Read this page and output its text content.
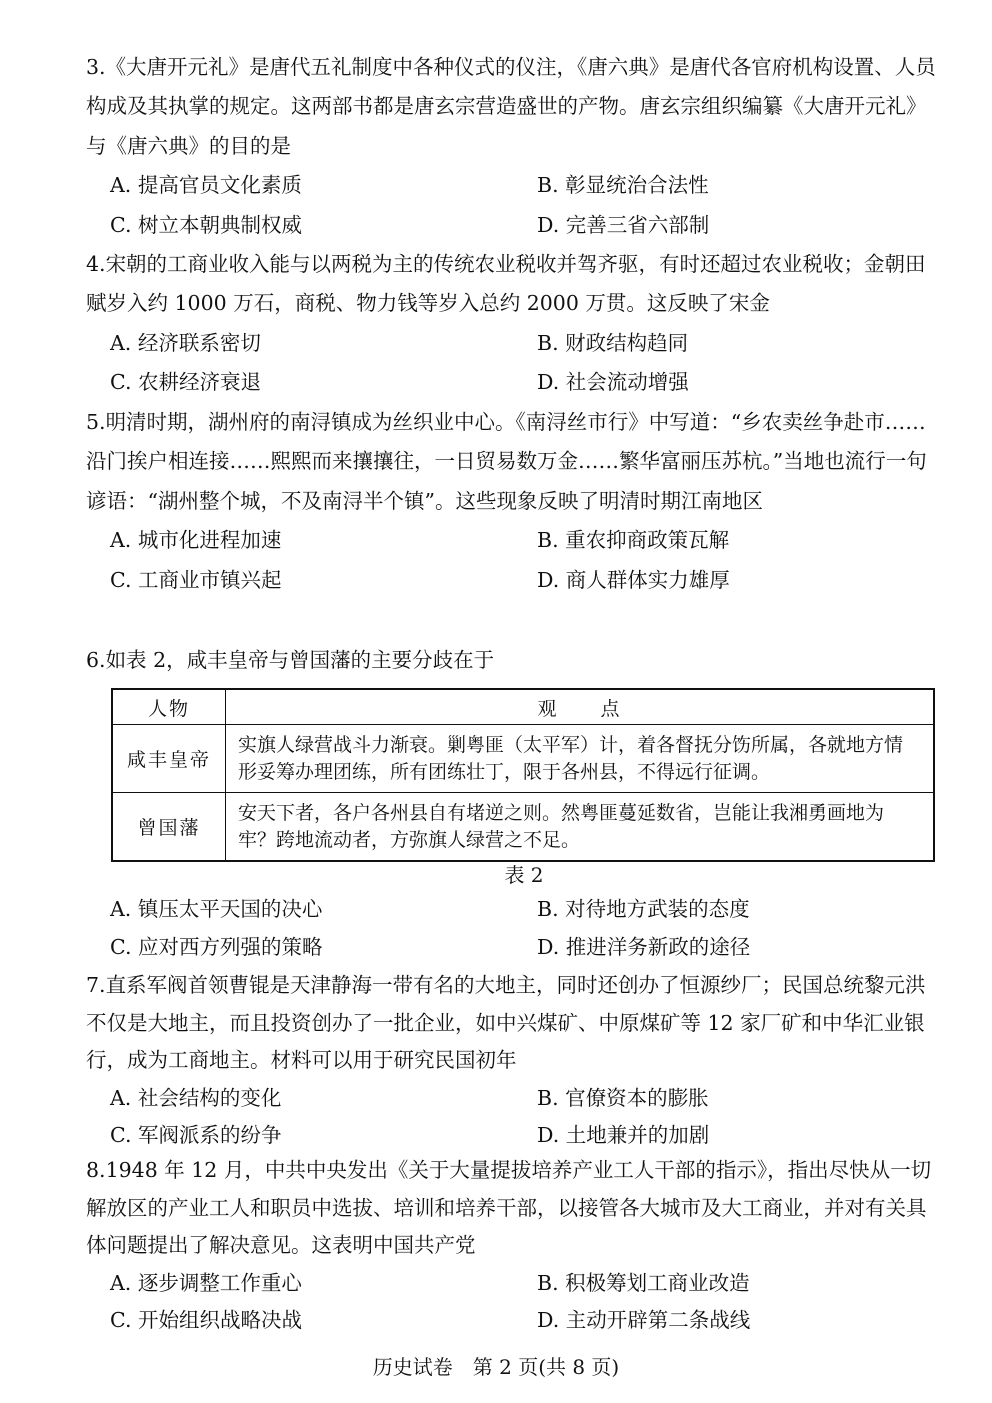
3.《大唐开元礼》是唐代五礼制度中各种仪式的仪注，《唐六典》是唐代各官府机构设置、人员构成及其执掌的规定。这两部书都是唐玄宗营造盛世的产物。唐玄宗组织编纂《大唐开元礼》与《唐六典》的目的是

A. 提高官员文化素质	B. 彰显统治合法性
C. 树立本朝典制权威	D. 完善三省六部制

4.宋朝的工商业收入能与以两税为主的传统农业税收并驾齐驱，有时还超过农业税收；金朝田赋岁入约 1000 万石，商税、物力钱等岁入总约 2000 万贯。这反映了宋金

A. 经济联系密切	B. 财政结构趋同
C. 农耕经济衰退	D. 社会流动增强

5.明清时期，湖州府的南浔镇成为丝织业中心。《南浔丝市行》中写道：“乡农卖丝争赴市……沿门挨户相连接……熙熙而来攘攘往，一日贸易数万金……繁华富丽压苏杭。”当地也流行一句谚语：“湖州整个城，不及南浔半个镇”。这些现象反映了明清时期江南地区

A. 城市化进程加速	B. 重农抑商政策瓦解
C. 工商业市镇兴起	D. 商人群体实力雄厚

6.如表 2，咸丰皇帝与曾国藩的主要分歧在于

人物	观　　点
咸丰皇帝	实旗人绿营战斗力渐衰。剿粤匪（太平军）计，着各督抚分饬所属，各就地方情形妥筹办理团练，所有团练壮丁，限于各州县，不得远行征调。
曾国藩	安天下者，各户各州县自有堵逆之则。然粤匪蔓延数省，岂能让我湘勇画地为牢？跨地流动者，方弥旗人绿营之不足。
表 2
A. 镇压太平天国的决心	B. 对待地方武装的态度
C. 应对西方列强的策略	D. 推进洋务新政的途径

7.直系军阀首领曹锟是天津静海一带有名的大地主，同时还创办了恒源纱厂；民国总统黎元洪不仅是大地主，而且投资创办了一批企业，如中兴煤矿、中原煤矿等 12 家厂矿和中华汇业银行，成为工商地主。材料可以用于研究民国初年

A. 社会结构的变化	B. 官僚资本的膨胀
C. 军阀派系的纷争	D. 土地兼并的加剧

8.1948 年 12 月，中共中央发出《关于大量提拔培养产业工人干部的指示》，指出尽快从一切解放区的产业工人和职员中选拔、培训和培养干部，以接管各大城市及大工商业，并对有关具体问题提出了解决意见。这表明中国共产党

A. 逐步调整工作重心	B. 积极筹划工商业改造
C. 开始组织战略决战	D. 主动开辟第二条战线
历史试卷　第 2 页(共 8 页)
